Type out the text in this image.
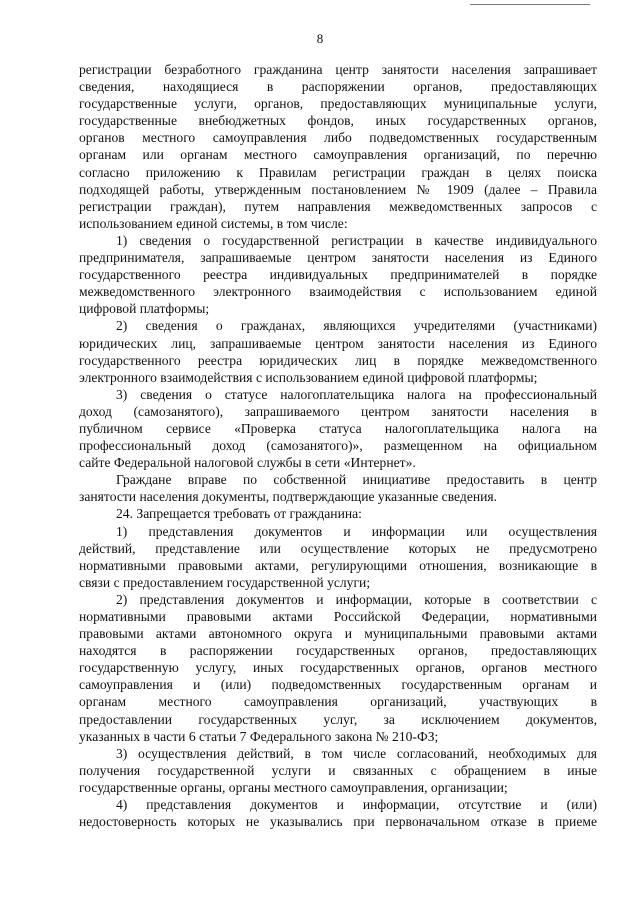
8
регистрации безработного гражданина центр занятости населения запрашивает
сведения, находящиеся в распоряжении органов, предоставляющих
государственные услуги, органов, предоставляющих муниципальные услуги,
государственные внебюджетных фондов, иных государственных органов,
органов местного самоуправления либо подведомственных государственным
органам или органам местного самоуправления организаций, по перечню
согласно приложению к Правилам регистрации граждан в целях поиска
подходящей работы, утвержденным постановлением № 1909 (далее – Правила
регистрации граждан), путем направления межведомственных запросов с
использованием единой системы, в том числе:
1) сведения о государственной регистрации в качестве индивидуального
предпринимателя, запрашиваемые центром занятости населения из Единого
государственного реестра индивидуальных предпринимателей в порядке
межведомственного электронного взаимодействия с использованием единой
цифровой платформы;
2) сведения о гражданах, являющихся учредителями (участниками)
юридических лиц, запрашиваемые центром занятости населения из Единого
государственного реестра юридических лиц в порядке межведомственного
электронного взаимодействия с использованием единой цифровой платформы;
3) сведения о статусе налогоплательщика налога на профессиональный
доход (самозанятого), запрашиваемого центром занятости населения в
публичном сервисе «Проверка статуса налогоплательщика налога на
профессиональный доход (самозанятого)», размещенном на официальном
сайте Федеральной налоговой службы в сети «Интернет».
Граждане вправе по собственной инициативе предоставить в центр
занятости населения документы, подтверждающие указанные сведения.
24. Запрещается требовать от гражданина:
1) представления документов и информации или осуществления
действий, представление или осуществление которых не предусмотрено
нормативными правовыми актами, регулирующими отношения, возникающие в
связи с предоставлением государственной услуги;
2) представления документов и информации, которые в соответствии с
нормативными правовыми актами Российской Федерации, нормативными
правовыми актами автономного округа и муниципальными правовыми актами
находятся в распоряжении государственных органов, предоставляющих
государственную услугу, иных государственных органов, органов местного
самоуправления и (или) подведомственных государственным органам и
органам местного самоуправления организаций, участвующих в
предоставлении государственных услуг, за исключением документов,
указанных в части 6 статьи 7 Федерального закона № 210-ФЗ;
3) осуществления действий, в том числе согласований, необходимых для
получения государственной услуги и связанных с обращением в иные
государственные органы, органы местного самоуправления, организации;
4) представления документов и информации, отсутствие и (или)
недостоверность которых не указывались при первоначальном отказе в приеме
